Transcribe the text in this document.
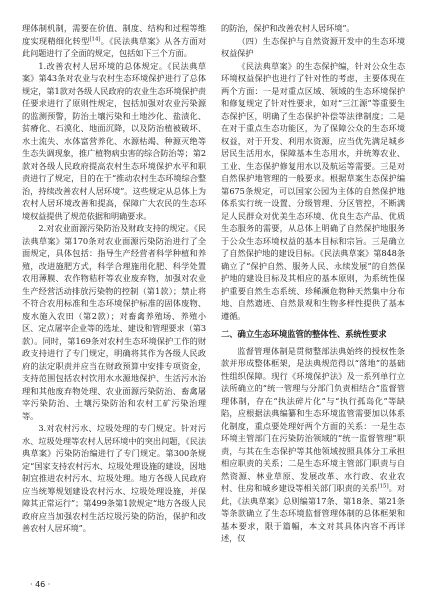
理体制机制，需要在价值、制度、结构和过程等维度实现精细化转型[14]。《民法典草案》从各方面对此问题进行了全面的规定，包括如下三个方面。

1.改善农村人居环境的总体规定。《民法典草案》第43条对农业与农村生态环境保护进行了总体规定，第1款对各级人民政府的农业生态环境保护责任要求进行了原则性规定，包括加强对农业污染源的监测预警，防治土壤污染和土地沙化、盐渍化、贫瘠化、石漠化、地面沉降，以及防治植被破坏、水土流失、水体富营养化、水源枯竭、种源灭绝等生态失调现象，推广植物病虫害的综合防治等；第2款对各级人民政府提高农村生态环境保护水平和职责进行了规定，目的在于“推动农村生态环境综合整治，持续改善农村人居环境”。这些规定从总体上为农村人居环境改善和提高，保障广大农民的生态环境权益提供了规范依据和明确要求。

2.对农业面源污染防治及财政支持的规定。《民法典草案》第170条对农业面源污染防治进行了全面规定，具体包括：指导生产经营者科学种植和养殖，改进施肥方式，科学合理施用化肥、科学处置农用薄膜、农作物秸秆等农业废弃物，加强对农业生产经营活动排放污染物的控制（第1款）；禁止将不符合农用标准和生态环境保护标准的固体废物、废水施入农田（第2款）；对畜禽养殖场、养殖小区、定点屠宰企业等的选址、建设和管理要求（第3款）。同时，第169条对农村生态环境保护工作的财政支持进行了专门规定，明确将其作为各级人民政府的法定职责并应当在财政预算中安排专项资金，支持范围包括农村饮用水水源地保护、生活污水治理和其他废弃物处理、农业面源污染防治、畜禽屠宰污染防治、土壤污染防治和农村工矿污染治理等。

3.对农村污水、垃圾处理的专门规定。针对污水、垃圾处理等农村人居环境中的突出问题，《民法典草案》污染防治编进行了专门规定。第300条规定“国家支持农村污水、垃圾处理设施的建设，因地制宜推进农村污水、垃圾处理。地方各级人民政府应当统筹规划建设农村污水、垃圾处理设施，并保障其正常运行”；第499条第1款规定“地方各级人民政府应当加强农村生活垃圾污染的防治，保护和改善农村人居环境”。

的防治，保护和改善农村人居环境”。

（四）生态保护与自然资源开发中的生态环境权益保护

《民法典草案》的生态保护编，针对公众生态环境权益保护也进行了针对性的考虑，主要体现在两个方面：一是对重点区域、领域的生态环境保护和修复规定了针对性要求，如对“三江源”等重要生态保护区，明确了生态保护补偿等法律制度；二是在对于重点生态功能区，为了保障公众的生态环境权益，对于开发、利用水资源，应当优先满足城乡居民生活用水，保障基本生态用水，并统筹农业、工业、生态保护修复用水以及航运等需要。三是对自然保护地管理的一般要求。根据草案生态保护编第675条规定，可以国家公园为主体的自然保护地体系实行统一设置、分级管理、分区管控，不断满足人民群众对优美生态环境、优良生态产品、优质生态服务的需要，从总体上明确了自然保护地服务于公众生态环境权益的基本目标和宗旨。三是确立了自然保护地的建设目标。《民法典草案》第848条确立了“保护自然、服务人民、永续发展”的自然保护地的建设目标及其相应的基本原则，为系统性保护重要自然生态系统、珍稀濒危物种天然集中分布地、自然遗迹、自然景观和生物多样性提供了基本遵循。

二、确立生态环境监管的整体性、系统性要求

监督管理体制是贯彻整部法典始终的授权性条款并形成整体框架，是法典规范得以“落地”的基础性组织保障。现行《环境保护法》及一系列单行立法所确立的“统一管理与分部门负责相结合”监督管理体制，存在“执法碎片化”与“执行孤岛化”等缺陷，应根据法典编纂和生态环境监管需要加以体系化制度，重点要处理好两个方面的关系：一是生态环境主管部门在污染防治领域的“统一监督管理”职责，与其在生态保护等其他领域按照具体分工承担相应职责的关系；二是生态环境主管部门职责与自然资源、林业草原、发展改革、水行政、农业农村、住房和城乡建设等相关部门职责的关系[15]。对此，《法典草案》总则编第17条、第18条、第21条等条款确立了生态环境监督管理体制的总体框架和基本要求，限于篇幅，本文对其具体内容不再详述，仅

· 46 ·
